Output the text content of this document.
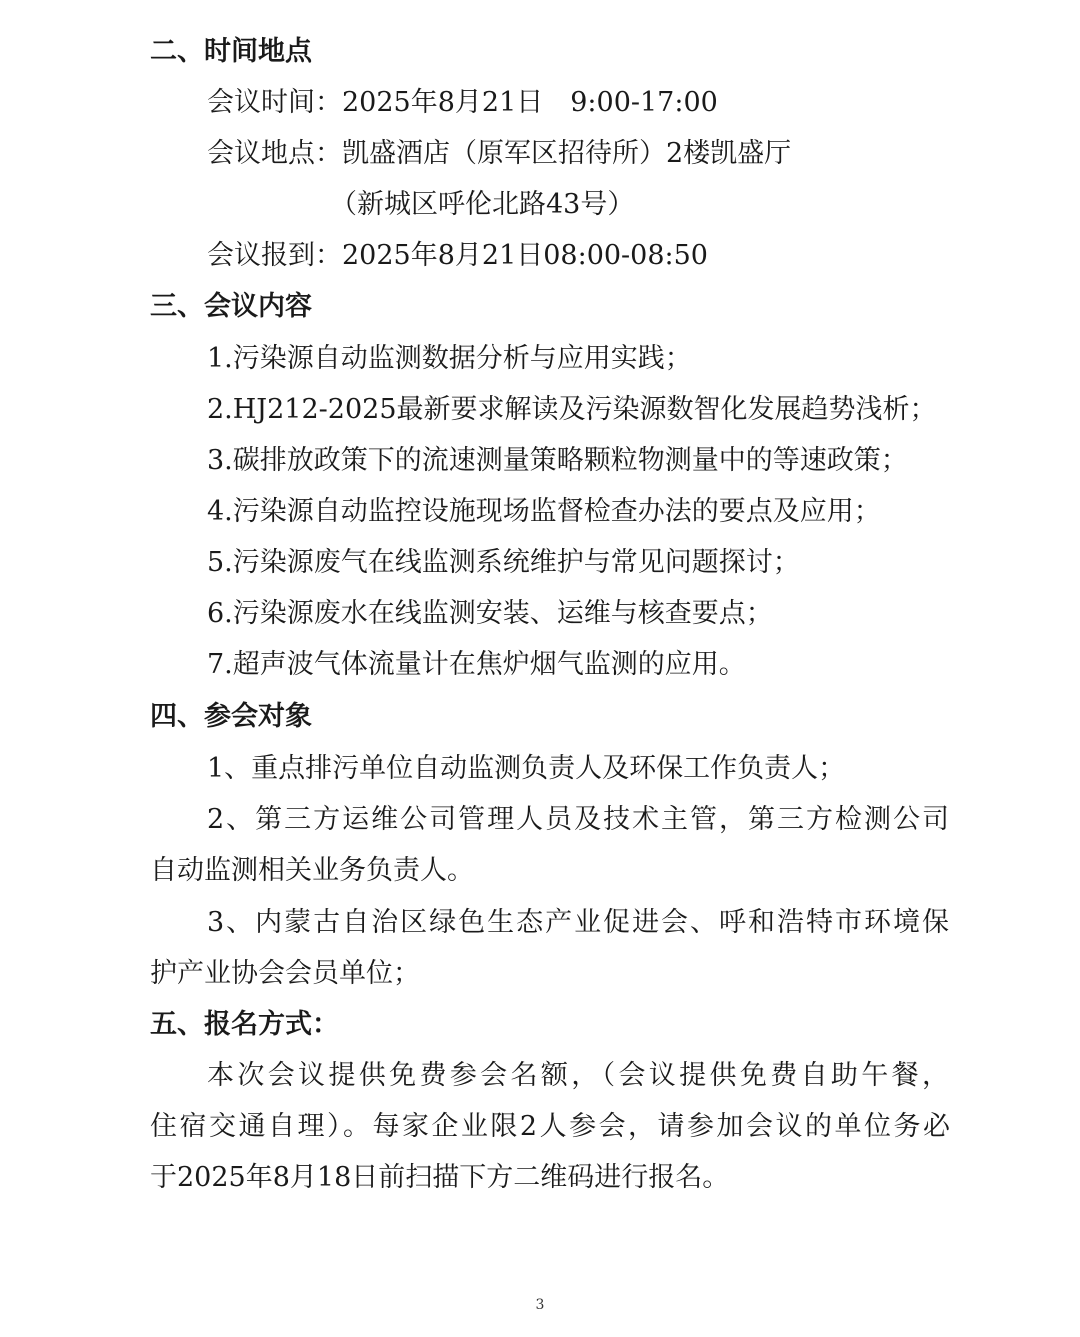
二、时间地点
会议时间：2025年8月21日　9:00-17:00
会议地点：凯盛酒店（原军区招待所）2楼凯盛厅
（新城区呼伦北路43号）
会议报到：2025年8月21日08:00-08:50
三、会议内容
1.污染源自动监测数据分析与应用实践；
2.HJ212-2025最新要求解读及污染源数智化发展趋势浅析；
3.碳排放政策下的流速测量策略颗粒物测量中的等速政策；
4.污染源自动监控设施现场监督检查办法的要点及应用；
5.污染源废气在线监测系统维护与常见问题探讨；
6.污染源废水在线监测安装、运维与核查要点；
7.超声波气体流量计在焦炉烟气监测的应用。
四、参会对象
1、重点排污单位自动监测负责人及环保工作负责人；
2、第三方运维公司管理人员及技术主管，第三方检测公司
自动监测相关业务负责人。
3、内蒙古自治区绿色生态产业促进会、呼和浩特市环境保
护产业协会会员单位；
五、报名方式：
本次会议提供免费参会名额，（会议提供免费自助午餐，
住宿交通自理）。每家企业限2人参会，请参加会议的单位务必
于2025年8月18日前扫描下方二维码进行报名。
3
